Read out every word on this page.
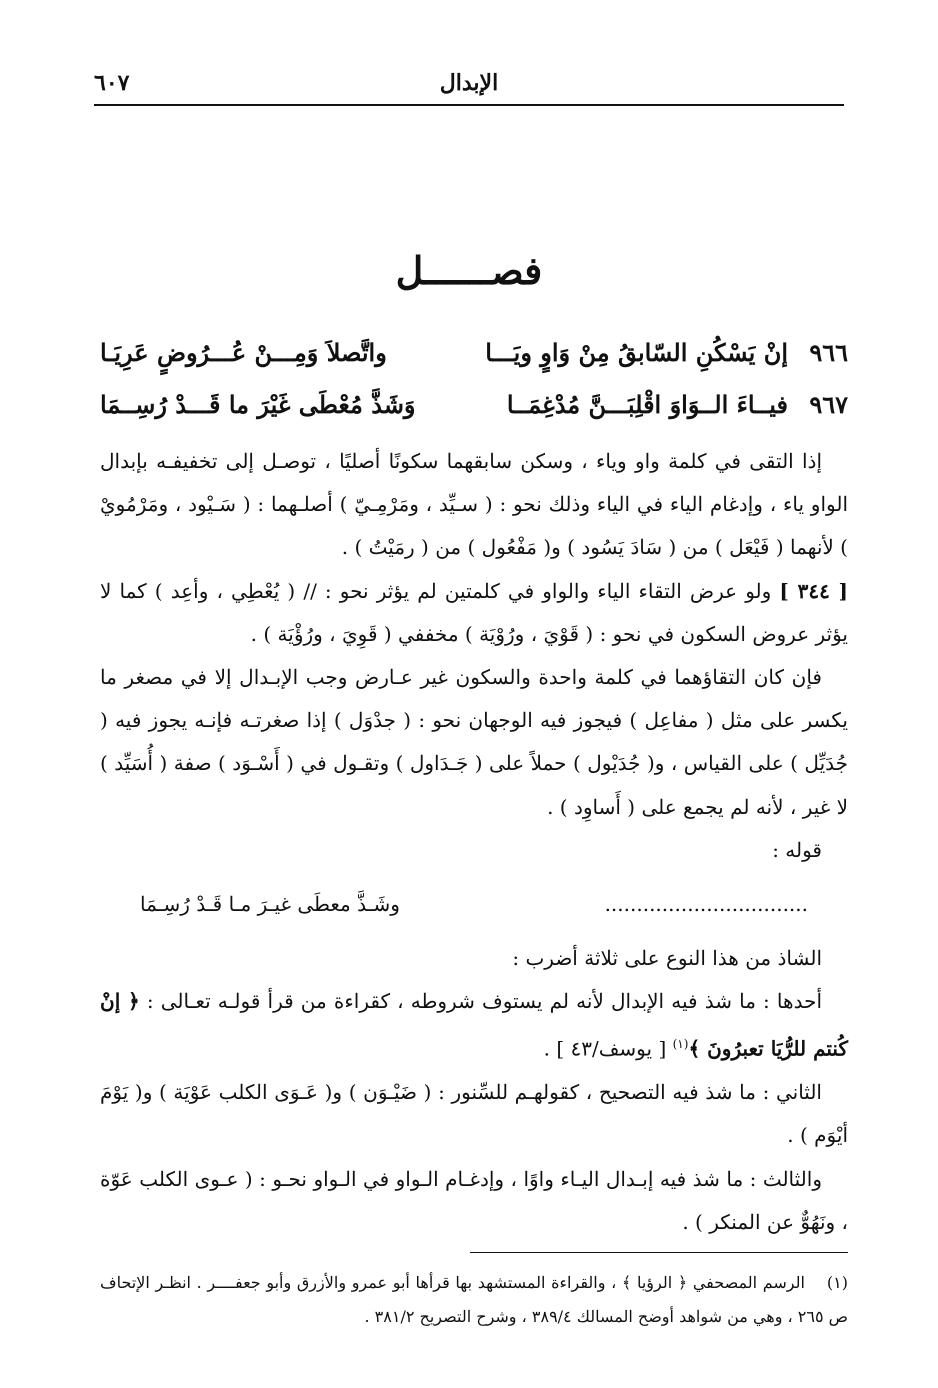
٦٠٧	الإبدال
فصــــــل
٩٦٦
إنْ يَسْكُنِ السّابقُ مِنْ وَاوٍ ويَـــا
واتَّصلاَ وَمِـــنْ عُـــرُوضٍ عَرِيَـا
٩٦٧
فيــاءَ الــوَاوَ اقْلِبَـــنَّ مُدْغِمَــا
وَشَذَّ مُعْطَى غَيْرَ ما قَـــدْ رُسِــمَا

إذا التقى في كلمة واو وياء ، وسكن سابقهما سكونًا أصليًا ، توصـل إلى تخفيفـه بإبدال الواو ياء ، وإدغام الياء في الياء وذلك نحو : ( سـيِّد ، ومَرْمِـيّ ) أصلـهما : ( سَـيْود ، ومَرْمُويْ ) لأنهما ( فَيْعَل ) من ( سَادَ يَسُود ) و( مَفْعُول ) من ( رمَيْتُ ) .

[ ٣٤٤ ] ولو عرض التقاء الياء والواو في كلمتين لم يؤثر نحو : // ( يُعْطِي ، وأعِد ) كما لا يؤثر عروض السكون في نحو : ( قَوْيَ ، ورُوْيَة ) مخففي ( قَوِيَ ، ورُؤْيَة ) .

فإن كان التقاؤهما في كلمة واحدة والسكون غير عـارض وجب الإبـدال إلا في مصغر ما يكسر على مثل ( مفاعِل ) فيجوز فيه الوجهان نحو : ( جدْوَل ) إذا صغرتـه فإنـه يجوز فيه ( جُدَيِّل ) على القياس ، و( جُدَيْول ) حملاً على ( جَـدَاول ) وتقـول في ( أَسْـوَد ) صفة ( أُسَيِّد ) لا غير ، لأنه لم يجمع على ( أَساوِد ) .

قوله :

................................
وشَـذَّ معطَى غيـرَ مـا قَـدْ رُسِـمَا

الشاذ من هذا النوع على ثلاثة أضرب :

أحدها : ما شذ فيه الإبدال لأنه لم يستوف شروطه ، كقراءة من قرأ قولـه تعـالى : ﴿ إنْ كُنتم للرُّيَا تعبرُونَ ﴾$^{(١)}$ [ يوسف/٤٣ ] .

الثاني : ما شذ فيه التصحيح ، كقولهـم للسِّنور : ( ضَيْـوَن ) و( عَـوَى الكلب عَوْيَة ) و( يَوْمَ أيْوَم ) .

والثالث : ما شذ فيه إبـدال اليـاء واوًا ، وإدغـام الـواو في الـواو نحـو : ( عـوى الكلب عَوّة ، ونَهُوٌّ عن المنكر ) .

(١)الرسم المصحفي ﴿ الرؤيا ﴾ ، والقراءة المستشهد بها قرأها أبو عمرو والأزرق وأبو جعفــــر . انظـر الإتحاف ص ٢٦٥ ، وهي من شواهد أوضح المسالك ٣٨٩/٤ ، وشرح التصريح ٣٨١/٢ .
